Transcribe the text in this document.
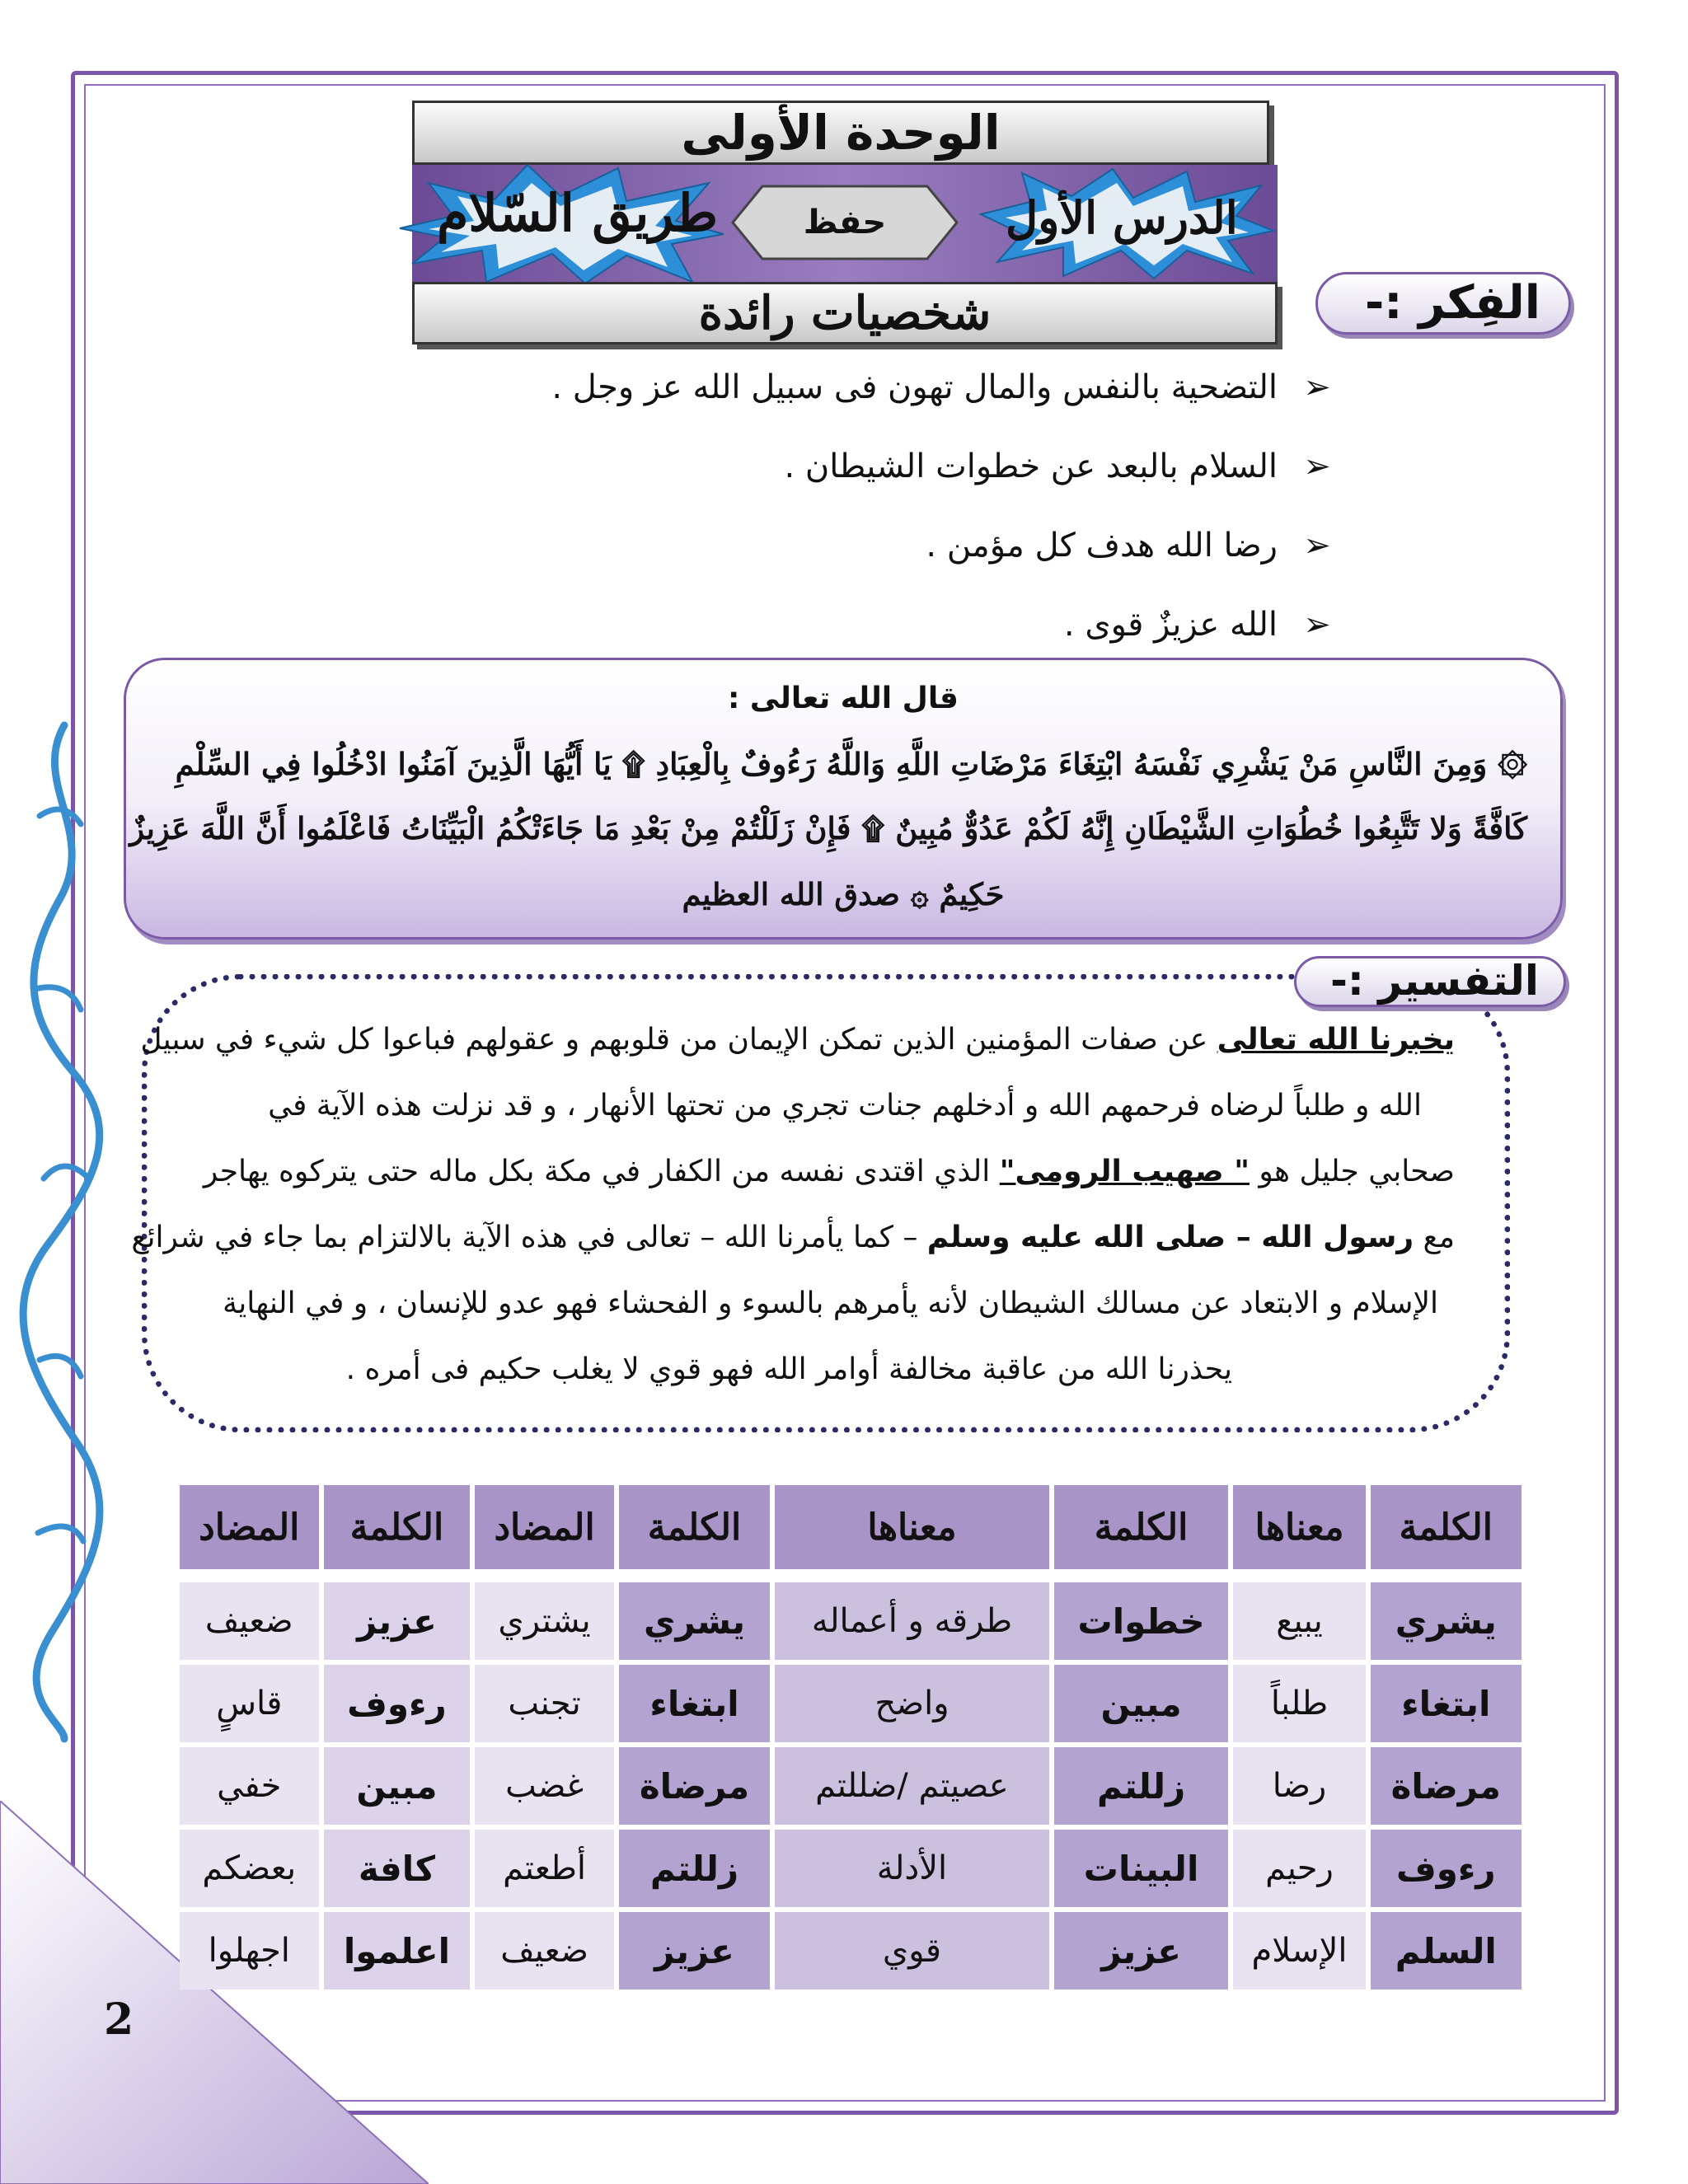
2
الوحدة الأولى
الدرس الأول
حفظ
طريق السّلام
شخصيات رائدة	الفِكر :-
➢
التضحية بالنفس والمال تهون فى سبيل الله عز وجل .
➢
السلام بالبعد عن خطوات الشيطان .
➢
رضا الله هدف كل مؤمن .
➢
الله عزيزٌ قوى .
قال الله تعالى :
۞ وَمِنَ النَّاسِ مَنْ يَشْرِي نَفْسَهُ ابْتِغَاءَ مَرْضَاتِ اللَّهِ وَاللَّهُ رَءُوفٌ بِالْعِبَادِ ۩ يَا أَيُّهَا الَّذِينَ آمَنُوا ادْخُلُوا فِي السِّلْمِ
كَافَّةً وَلا تَتَّبِعُوا خُطُوَاتِ الشَّيْطَانِ إِنَّهُ لَكُمْ عَدُوٌّ مُبِينٌ ۩ فَإِنْ زَلَلْتُمْ مِنْ بَعْدِ مَا جَاءَتْكُمُ الْبَيِّنَاتُ فَاعْلَمُوا أَنَّ اللَّهَ عَزِيزٌ
حَكِيمٌ ۞ صدق الله العظيم
يخبرنا الله تعالى عن صفات المؤمنين الذين تمكن الإيمان من قلوبهم و عقولهم فباعوا كل شيء في سبيل
الله و طلباً لرضاه فرحمهم الله و أدخلهم جنات تجري من تحتها الأنهار ، و قد نزلت هذه الآية في
صحابي جليل هو " صهيب الرومى" الذي اقتدى نفسه من الكفار في مكة بكل ماله حتى يتركوه يهاجر
مع رسول الله – صلى الله عليه وسلم – كما يأمرنا الله – تعالى في هذه الآية بالالتزام بما جاء في شرائع
الإسلام و الابتعاد عن مسالك الشيطان لأنه يأمرهم بالسوء و الفحشاء فهو عدو للإنسان ، و في النهاية
يحذرنا الله من عاقبة مخالفة أوامر الله فهو قوي لا يغلب حكيم فى أمره .
التفسير :-
الكلمة	معناها	الكلمة	معناها	الكلمة	المضاد	الكلمة	المضاد

يشري	يبيع	خطوات	طرقه و أعماله	يشري	يشتري	عزيز	ضعيف
ابتغاء	طلباً	مبين	واضح	ابتغاء	تجنب	رءوف	قاسٍ
مرضاة	رضا	زللتم	عصيتم /ضللتم	مرضاة	غضب	مبين	خفي
رءوف	رحيم	البينات	الأدلة	زللتم	أطعتم	كافة	بعضكم
السلم	الإسلام	عزيز	قوي	عزيز	ضعيف	اعلموا	اجهلوا
